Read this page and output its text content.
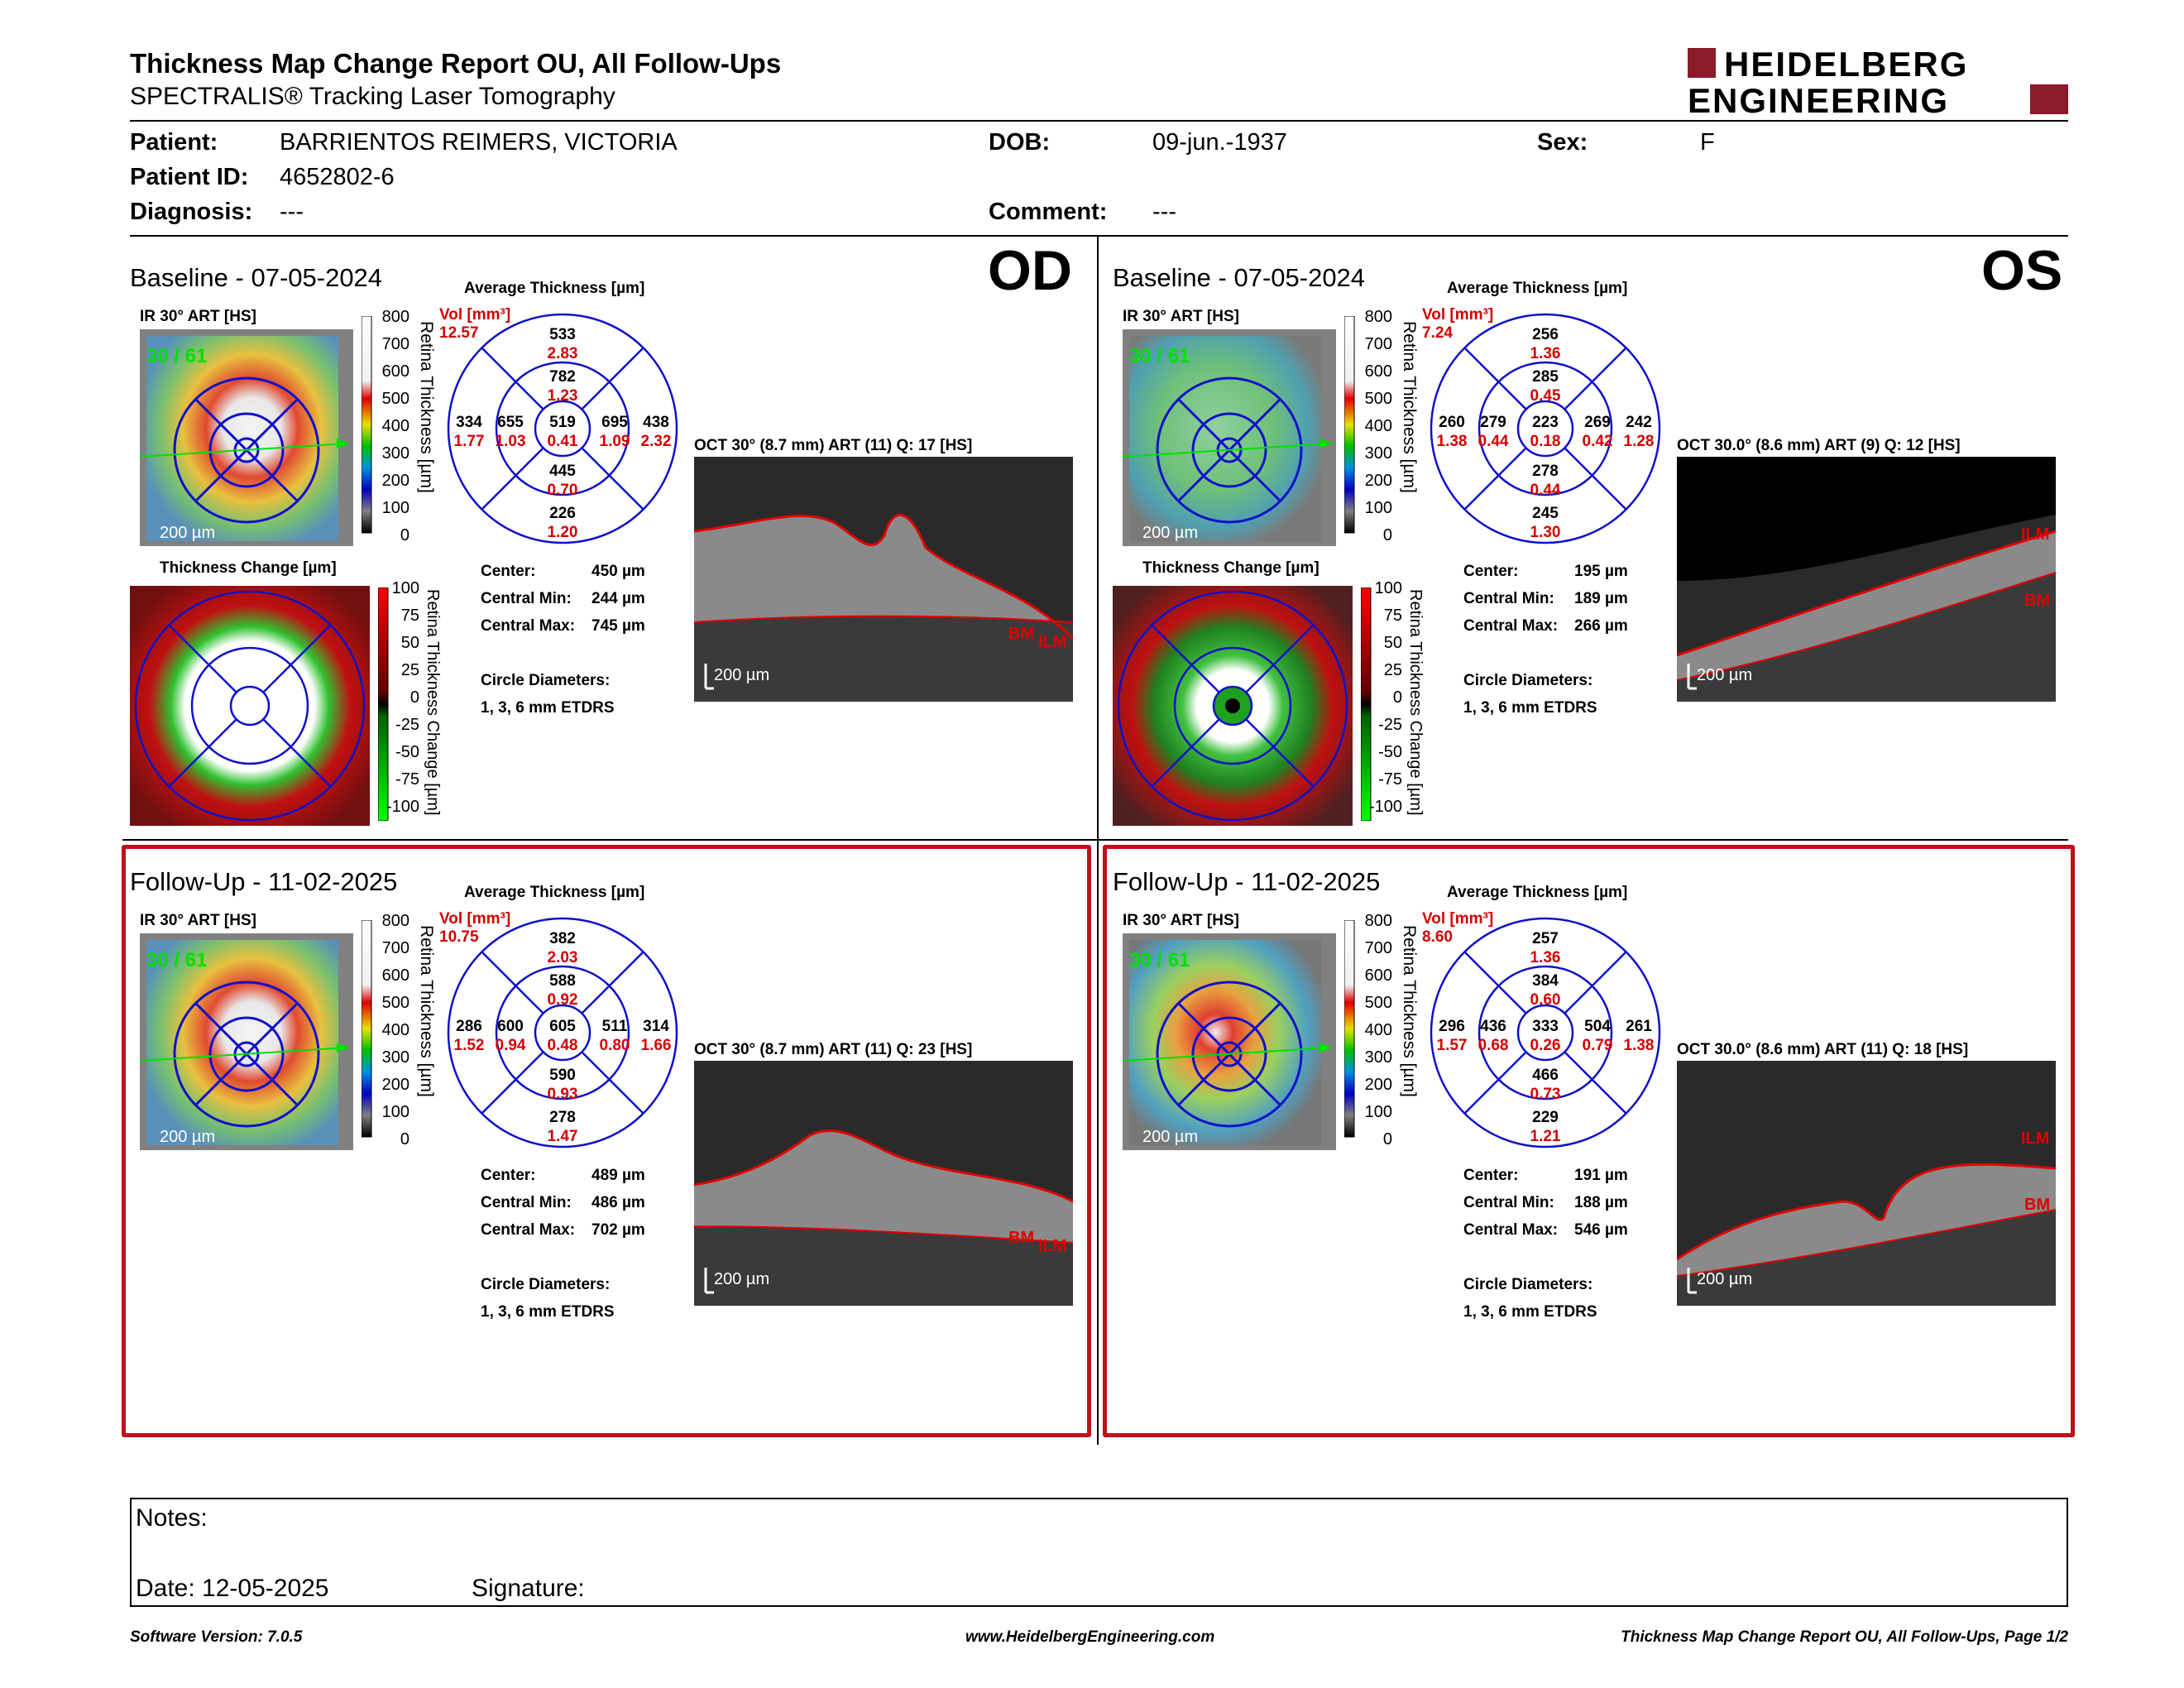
Thickness Map Change Report OU, All Follow-Ups
SPECTRALIS® Tracking Laser Tomography
HEIDELBERG
ENGINEERING
Patient:	BARRIENTOS REIMERS, VICTORIA
Patient ID: 4652802-6
Diagnosis: ---
DOB:	09-jun.-1937
Comment: ---
Sex:	F
OD	OS
Baseline - 07-05-2024
IR 30° ART [HS]
30 / 61
200 µm
800
700
600
500
400
300
200
100
0
Retina Thickness [µm]
Average Thickness [µm]
Vol [mm³]
12.57
519
0.41
782
1.23
533
2.83
445
0.70
226
1.20
655
1.03
334
1.77
695
1.09
438
2.32
Thickness Change [µm]
100
75
50
25
0
-25
-50
-75
-100 Retina Thickness Change [µm]
Center:	450 µm
Central Min: 244 µm
Central Max: 745 µm
Circle Diameters:
1, 3, 6 mm ETDRS
OCT 30° (8.7 mm) ART (11) Q: 17 [HS]
200 µm
ILM
BM
Baseline - 07-05-2024
IR 30° ART [HS]
30 / 61
200 µm
800
700
600
500
400
300
200
100
0
Retina Thickness [µm]
Average Thickness [µm]
Vol [mm³]
7.24
223
0.18
285
0.45
256
1.36
278
0.44
245
1.30
279
0.44
260
1.38
269
0.42
242
1.28
Thickness Change [µm]
100
75
50
25
0
-25
-50
-75
-100 Retina Thickness Change [µm]
Center:	195 µm
Central Min: 189 µm
Central Max: 266 µm
Circle Diameters:
1, 3, 6 mm ETDRS
OCT 30.0° (8.6 mm) ART (9) Q: 12 [HS]
200 µm
ILM
BM
Follow-Up - 11-02-2025
IR 30° ART [HS]
30 / 61
200 µm
800
700
600
500
400
300
200
100
0
Retina Thickness [µm]
Average Thickness [µm]
Vol [mm³]
10.75
605
0.48
588
0.92
382
2.03
590
0.93
278
1.47
600
0.94
286
1.52
511
0.80
314
1.66
Center:	489 µm
Central Min: 486 µm
Central Max: 702 µm
Circle Diameters:
1, 3, 6 mm ETDRS
OCT 30° (8.7 mm) ART (11) Q: 23 [HS]
200 µm
ILM
BM
Follow-Up - 11-02-2025
IR 30° ART [HS]
30 / 61
200 µm
800
700
600
500
400
300
200
100
0
Retina Thickness [µm]
Average Thickness [µm]
Vol [mm³]
8.60
333
0.26
384
0.60
257
1.36
466
0.73
229
1.21
436
0.68
296
1.57
504
0.79
261
1.38
Center:	191 µm
Central Min: 188 µm
Central Max: 546 µm
Circle Diameters:
1, 3, 6 mm ETDRS
OCT 30.0° (8.6 mm) ART (11) Q: 18 [HS]
200 µm
ILM
BM
Notes:
Date: 12-05-2025	Signature:
Software Version: 7.0.5	www.HeidelbergEngineering.com	Thickness Map Change Report OU, All Follow-Ups, Page 1/2
